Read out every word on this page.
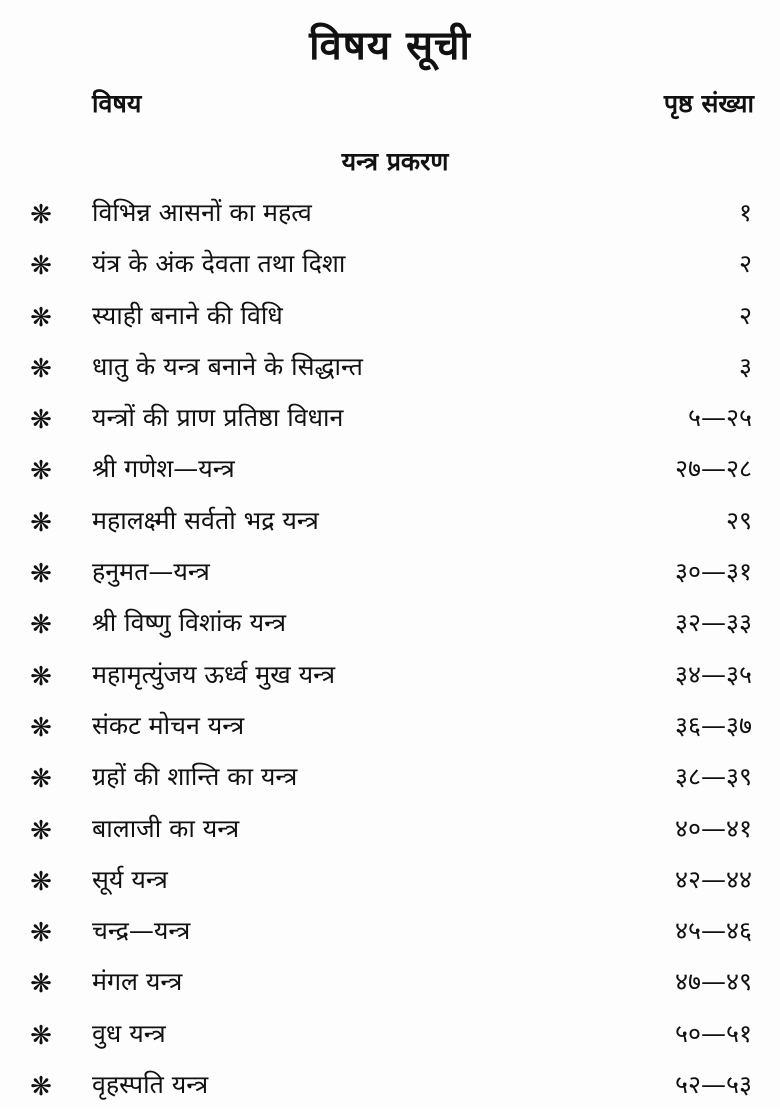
विषय सूची
विषय	पृष्ठ संख्या
यन्त्र प्रकरण
❋ विभिन्न आसनों का महत्व	१
❋ यंत्र के अंक देवता तथा दिशा	२
❋ स्याही बनाने की विधि	२
❋ धातु के यन्त्र बनाने के सिद्धान्त	३
❋ यन्त्रों की प्राण प्रतिष्ठा विधान	५—२५
❋ श्री गणेश—यन्त्र	२७—२८
❋ महालक्ष्मी सर्वतो भद्र यन्त्र	२९
❋ हनुमत—यन्त्र	३०—३१
❋ श्री विष्णु विशांक यन्त्र	३२—३३
❋ महामृत्युंजय ऊर्ध्व मुख यन्त्र	३४—३५
❋ संकट मोचन यन्त्र	३६—३७
❋ ग्रहों की शान्ति का यन्त्र	३८—३९
❋ बालाजी का यन्त्र	४०—४१
❋ सूर्य यन्त्र	४२—४४
❋ चन्द्र—यन्त्र	४५—४६
❋ मंगल यन्त्र	४७—४९
❋ वुध यन्त्र	५०—५१
❋ वृहस्पति यन्त्र	५२—५३
